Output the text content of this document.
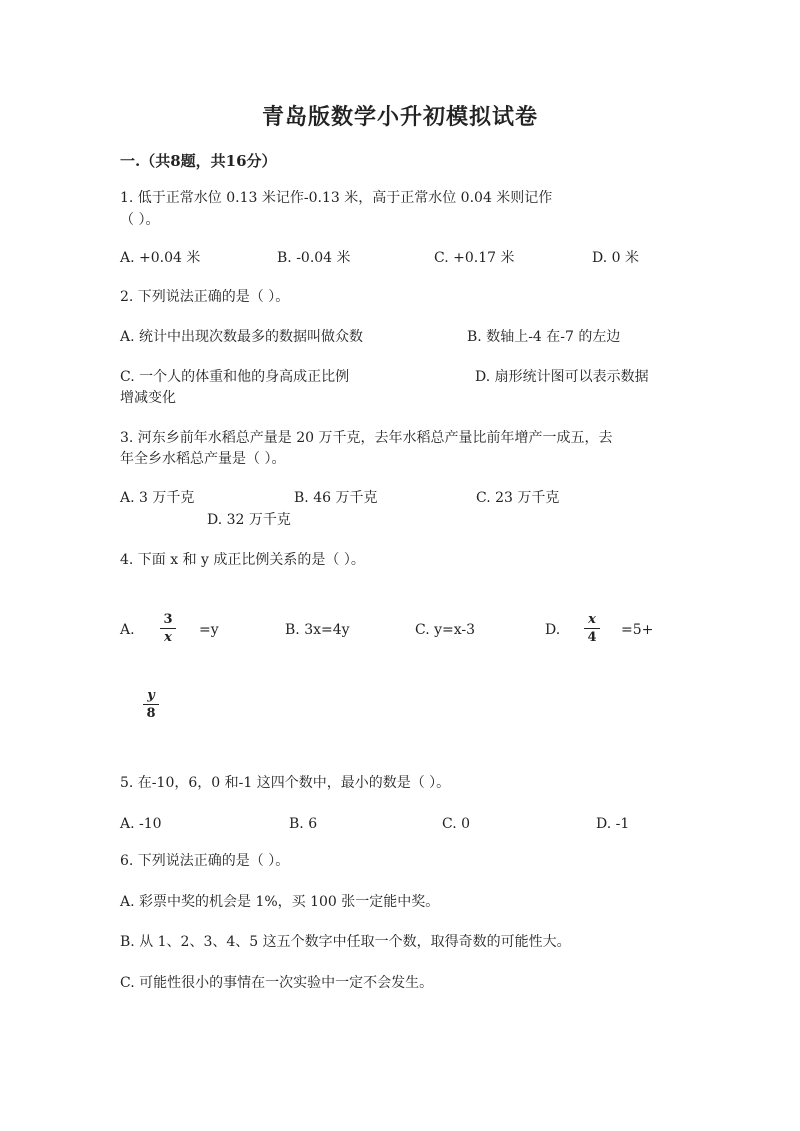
青岛版数学小升初模拟试卷
一.（共8题，共16分）
1. 低于正常水位 0.13 米记作-0.13 米，高于正常水位 0.04 米则记作
（ ）。
A. +0.04 米	B. -0.04 米	C. +0.17 米	D. 0 米
2. 下列说法正确的是（ ）。
A. 统计中出现次数最多的数据叫做众数	B. 数轴上-4 在-7 的左边
C. 一个人的体重和他的身高成正比例	D. 扇形统计图可以表示数据
增减变化
3. 河东乡前年水稻总产量是 20 万千克，去年水稻总产量比前年增产一成五，去
年全乡水稻总产量是（ ）。
A. 3 万千克	B. 46 万千克	C. 23 万千克
D. 32 万千克
4. 下面 x 和 y 成正比例关系的是（ ）。
A.
3
x =y	B. 3x=4y	C. y=x-3	D.
x
4 =5+
y
8
5. 在-10，6，0 和-1 这四个数中，最小的数是（ ）。
A. -10	B. 6	C. 0	D. -1
6. 下列说法正确的是（ ）。
A. 彩票中奖的机会是 1%，买 100 张一定能中奖。
B. 从 1、2、3、4、5 这五个数字中任取一个数，取得奇数的可能性大。
C. 可能性很小的事情在一次实验中一定不会发生。
